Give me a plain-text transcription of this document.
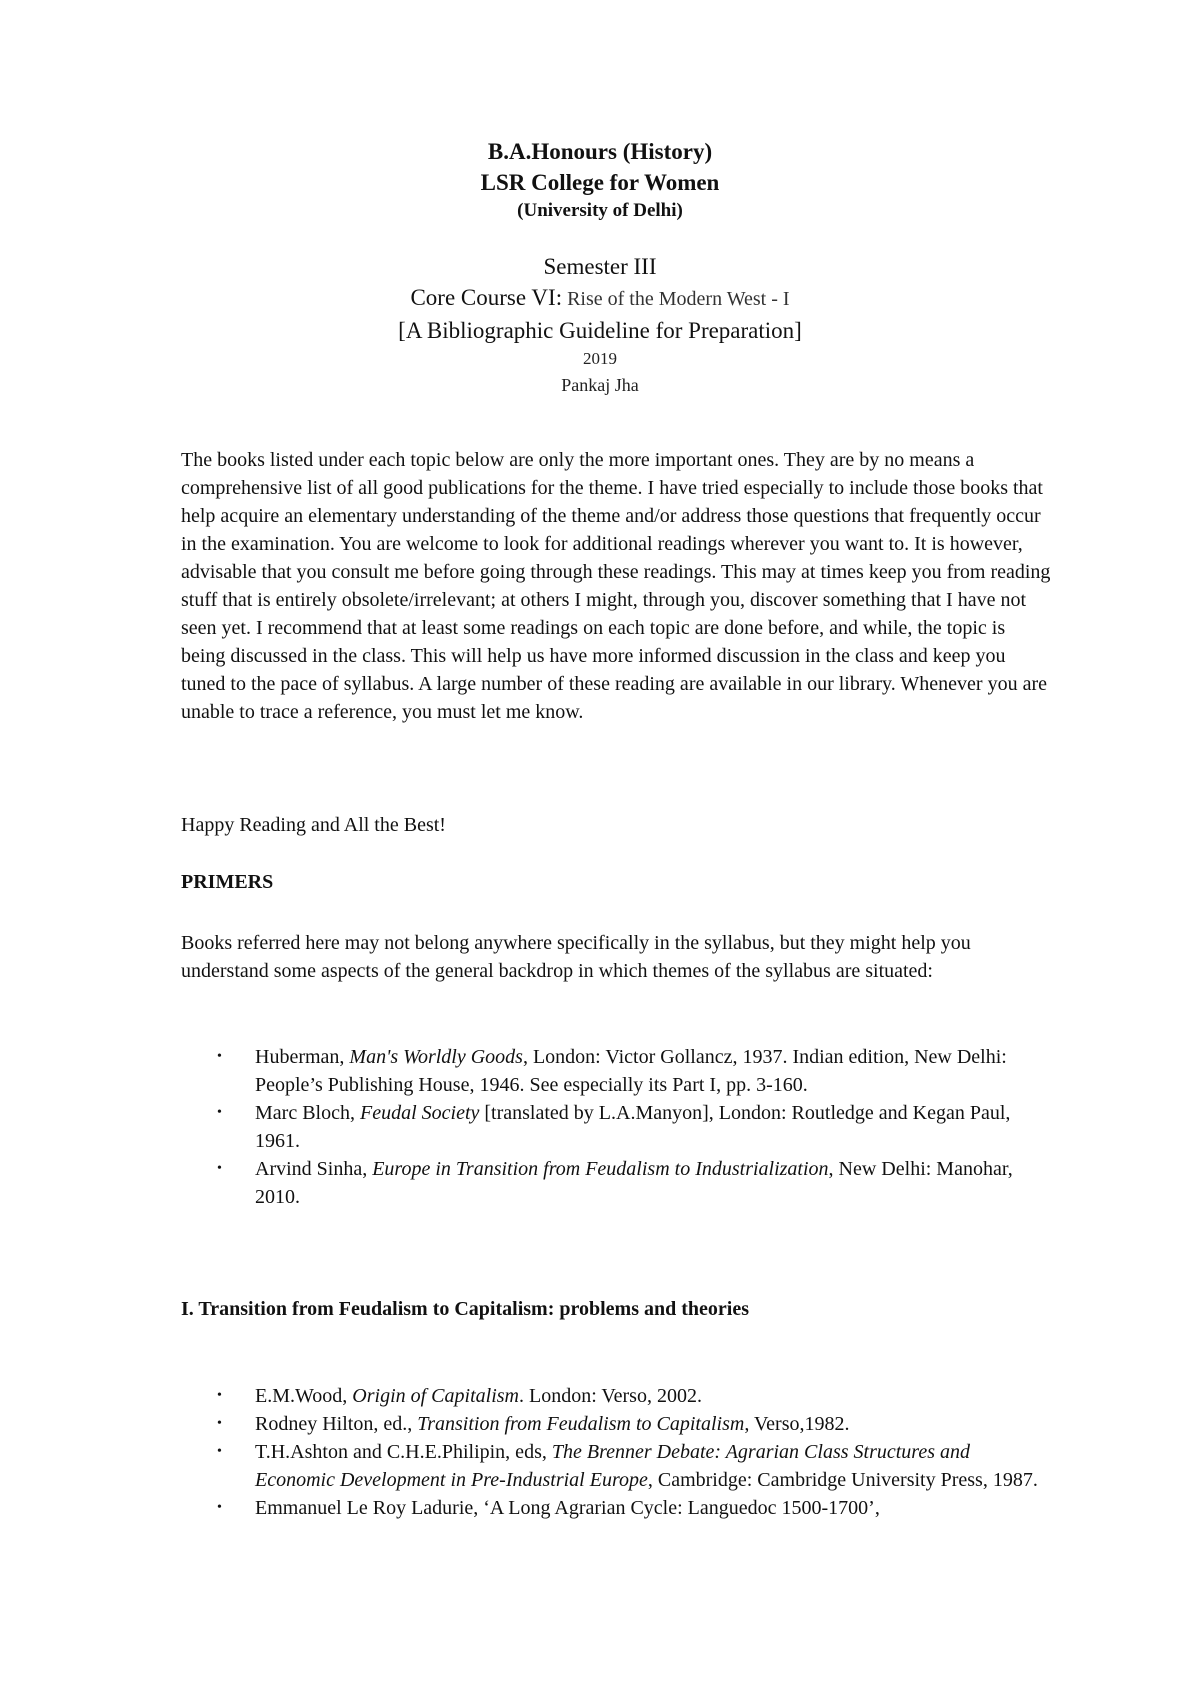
B.A.Honours (History)
LSR College for Women
(University of Delhi)
Semester III
Core Course VI: Rise of the Modern West - I
[A Bibliographic Guideline for Preparation]
2019
Pankaj Jha
The books listed under each topic below are only the more important ones. They are by no means a comprehensive list of all good publications for the theme. I have tried especially to include those books that help acquire an elementary understanding of the theme and/or address those questions that frequently occur in the examination. You are welcome to look for additional readings wherever you want to. It is however, advisable that you consult me before going through these readings. This may at times keep you from reading stuff that is entirely obsolete/irrelevant; at others I might, through you, discover something that I have not seen yet. I recommend that at least some readings on each topic are done before, and while, the topic is being discussed in the class. This will help us have more informed discussion in the class and keep you tuned to the pace of syllabus. A large number of these reading are available in our library. Whenever you are unable to trace a reference, you must let me know.
Happy Reading and All the Best!
PRIMERS
Books referred here may not belong anywhere specifically in the syllabus, but they might help you understand some aspects of the general backdrop in which themes of the syllabus are situated:
• Huberman, Man's Worldly Goods, London: Victor Gollancz, 1937. Indian edition, New Delhi: People’s Publishing House, 1946. See especially its Part I, pp. 3-160.
• Marc Bloch, Feudal Society [translated by L.A.Manyon], London: Routledge and Kegan Paul, 1961.
• Arvind Sinha, Europe in Transition from Feudalism to Industrialization, New Delhi: Manohar, 2010.
I. Transition from Feudalism to Capitalism: problems and theories
• E.M.Wood, Origin of Capitalism. London: Verso, 2002.
• Rodney Hilton, ed., Transition from Feudalism to Capitalism, Verso,1982.
• T.H.Ashton and C.H.E.Philipin, eds, The Brenner Debate: Agrarian Class Structures and Economic Development in Pre-Industrial Europe, Cambridge: Cambridge University Press, 1987.
• Emmanuel Le Roy Ladurie, ‘A Long Agrarian Cycle: Languedoc 1500-1700’,
